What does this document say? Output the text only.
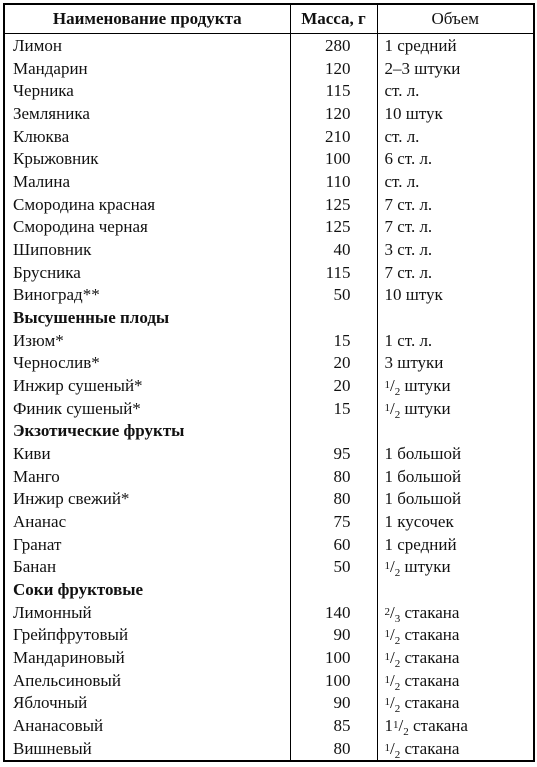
Наименование продукта	Масса, г	Объем
Лимон	280	1 средний
Мандарин	120	2–3 штуки
Черника	115	ст. л.
Земляника	120	10 штук
Клюква	210	ст. л.
Крыжовник	100	6 ст. л.
Малина	110	ст. л.
Смородина красная	125	7 ст. л.
Смородина черная	125	7 ст. л.
Шиповник	40	3 ст. л.
Брусника	115	7 ст. л.
Виноград**	50	10 штук
Высушенные плоды		
Изюм*	15	1 ст. л.
Чернослив*	20	3 штуки
Инжир сушеный*	20	$^1/_2$ штуки
Финик сушеный*	15	$^1/_2$ штуки
Экзотические фрукты		
Киви	95	1 большой
Манго	80	1 большой
Инжир свежий*	80	1 большой
Ананас	75	1 кусочек
Гранат	60	1 средний
Банан	50	$^1/_2$ штуки
Соки фруктовые		
Лимонный	140	$^2/_3$ стакана
Грейпфрутовый	90	$^1/_2$ стакана
Мандариновый	100	$^1/_2$ стакана
Апельсиновый	100	$^1/_2$ стакана
Яблочный	90	$^1/_2$ стакана
Ананасовый	85	$1^1/_2$ стакана
Вишневый	80	$^1/_2$ стакана
